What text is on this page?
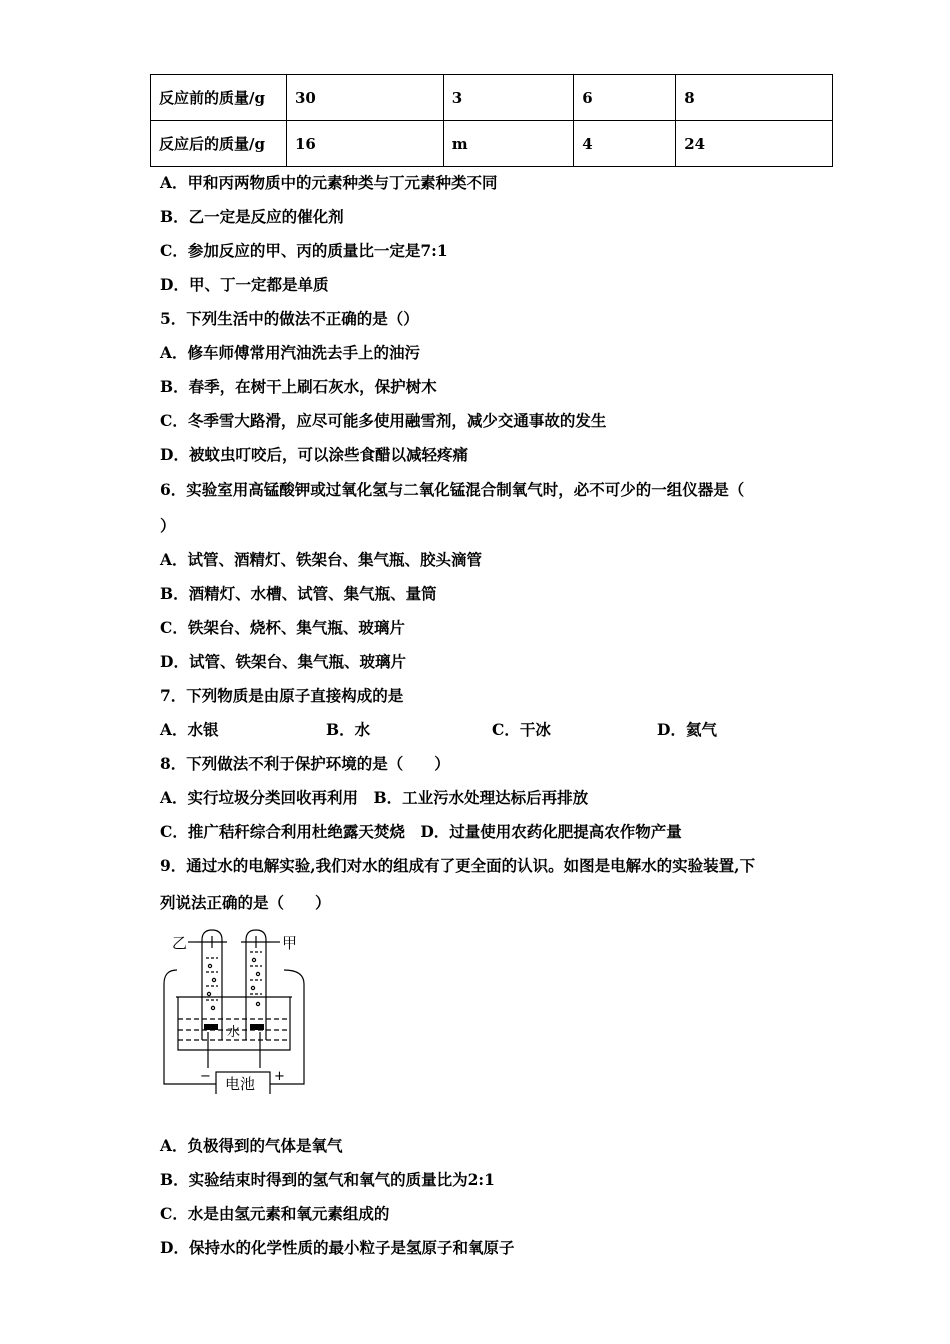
反应前的质量/g	30	3	6	8
反应后的质量/g	16	m	4	24
A．甲和丙两物质中的元素种类与丁元素种类不同
B．乙一定是反应的催化剂
C．参加反应的甲、丙的质量比一定是7:1
D．甲、丁一定都是单质
5．下列生活中的做法不正确的是（）
A．修车师傅常用汽油洗去手上的油污
B．春季，在树干上刷石灰水，保护树木
C．冬季雪大路滑，应尽可能多使用融雪剂，减少交通事故的发生
D．被蚊虫叮咬后，可以涂些食醋以减轻疼痛
6．实验室用高锰酸钾或过氧化氢与二氧化锰混合制氧气时，必不可少的一组仪器是（
）
A．试管、酒精灯、铁架台、集气瓶、胶头滴管
B．酒精灯、水槽、试管、集气瓶、量筒
C．铁架台、烧杯、集气瓶、玻璃片
D．试管、铁架台、集气瓶、玻璃片
7．下列物质是由原子直接构成的是
A．水银	B．水	C．干冰	D．氦气
8．下列做法不利于保护环境的是（　　）
A．实行垃圾分类回收再利用　B．工业污水处理达标后再排放
C．推广秸秆综合利用杜绝露天焚烧　D．过量使用农药化肥提高农作物产量
9．通过水的电解实验,我们对水的组成有了更全面的认识。如图是电解水的实验装置,下
列说法正确的是（　　）
乙	甲
水
电池
−	+
A．负极得到的气体是氧气
B．实验结束时得到的氢气和氧气的质量比为2:1
C．水是由氢元素和氧元素组成的
D．保持水的化学性质的最小粒子是氢原子和氧原子
